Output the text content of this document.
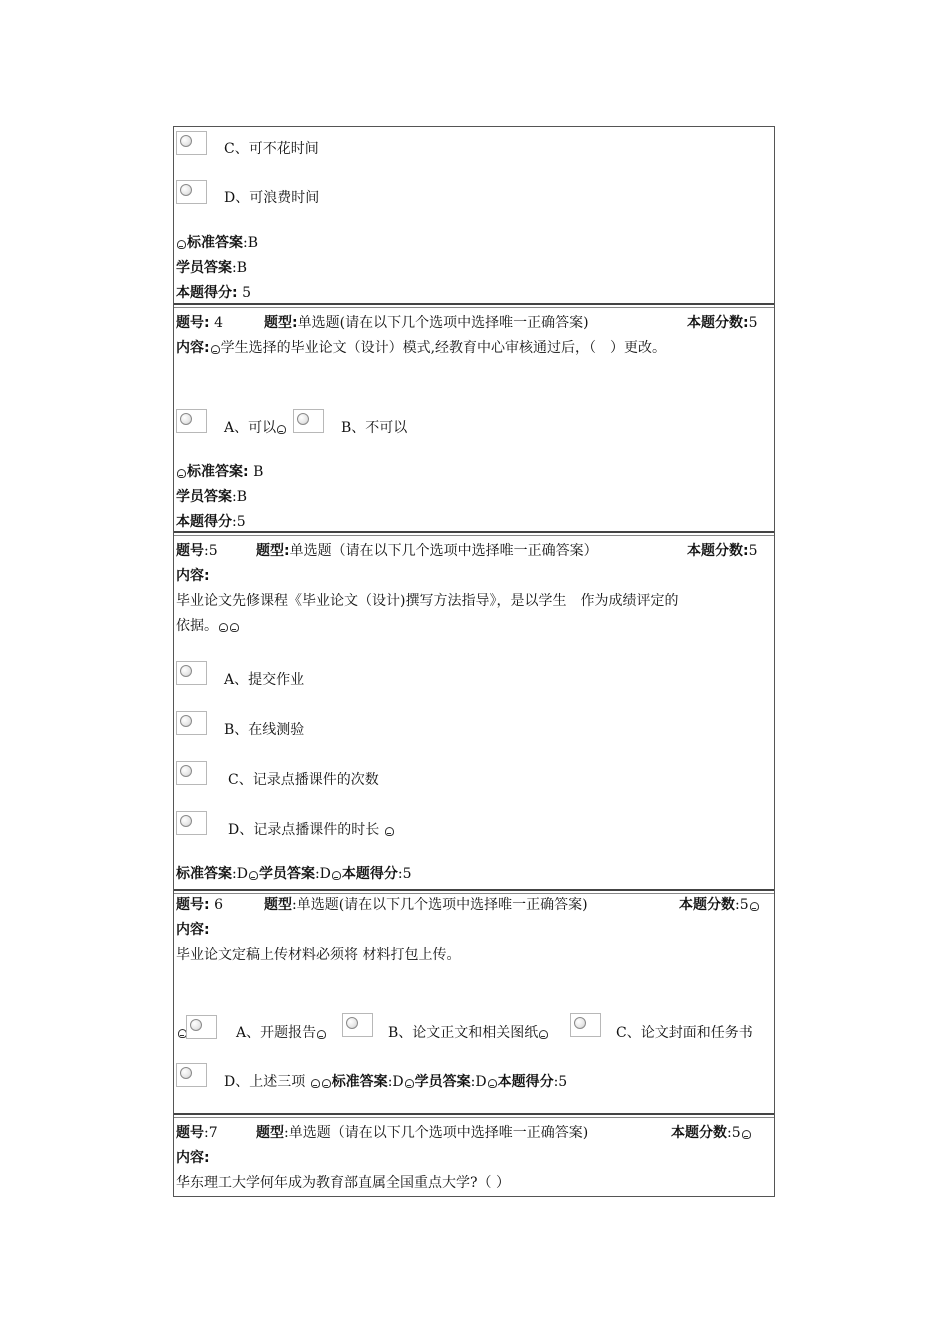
C、可不花时间
D、可浪费时间
标准答案:B
学员答案:B
本题得分: 5
题号: 4	题型:单选题(请在以下几个选项中选择唯一正确答案)	本题分数:5
内容: 学生选择的毕业论文（设计）模式,经教育中心审核通过后，（　）更改。
A、可以	B、不可以
标准答案: B
学员答案:B
本题得分:5
题号:5	题型:单选题（请在以下几个选项中选择唯一正确答案）	本题分数:5
内容:
毕业论文先修课程《毕业论文（设计)撰写方法指导》，是以学生　作为成绩评定的
依据。
A、提交作业
B、在线测验
C、记录点播课件的次数
D、记录点播课件的时长
标准答案:D 学员答案:D 本题得分:5
题号: 6	题型:单选题(请在以下几个选项中选择唯一正确答案)	本题分数:5
内容:
毕业论文定稿上传材料必须将 材料打包上传。
A、开题报告	B、论文正文和相关图纸	C、论文封面和任务书
D、上述三项 标准答案:D 学员答案:D 本题得分:5
题号:7	题型:单选题（请在以下几个选项中选择唯一正确答案)	本题分数:5
内容:
华东理工大学何年成为教育部直属全国重点大学?（ ）
